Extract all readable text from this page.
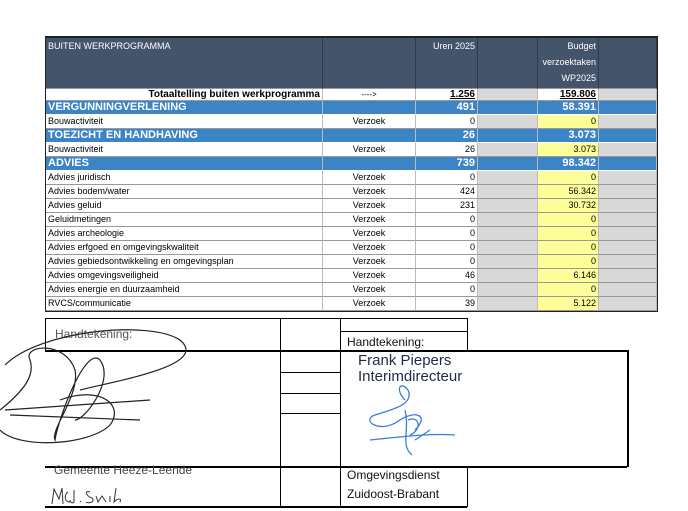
BUITEN WERKPROGRAMMA	Uren 2025	Budget verzoektaken WP2025
Totaaltelling buiten werkprogramma	---->	1.256	159.806
VERGUNNINGVERLENING	491	58.391
Bouwactiviteit	Verzoek	0	0
TOEZICHT EN HANDHAVING	26	3.073
Bouwactiviteit	Verzoek	26	3.073
ADVIES	739	98.342
Advies juridisch	Verzoek	0	0
Advies bodem/water	Verzoek	424	56.342
Advies geluid	Verzoek	231	30.732
Geluidmetingen	Verzoek	0	0
Advies archeologie	Verzoek	0	0
Advies erfgoed en omgevingskwaliteit	Verzoek	0	0
Advies gebiedsontwikkeling en omgevingsplan	Verzoek	0	0
Advies omgevingsveiligheid	Verzoek	46	6.146
Advies energie en duurzaamheid	Verzoek	0	0
RVCS/communicatie	Verzoek	39	5.122
Handtekening:
Handtekening:
Frank Piepers
Interimdirecteur
Gemeente Heeze-Leende	Omgevingsdienst
Zuidoost-Brabant
